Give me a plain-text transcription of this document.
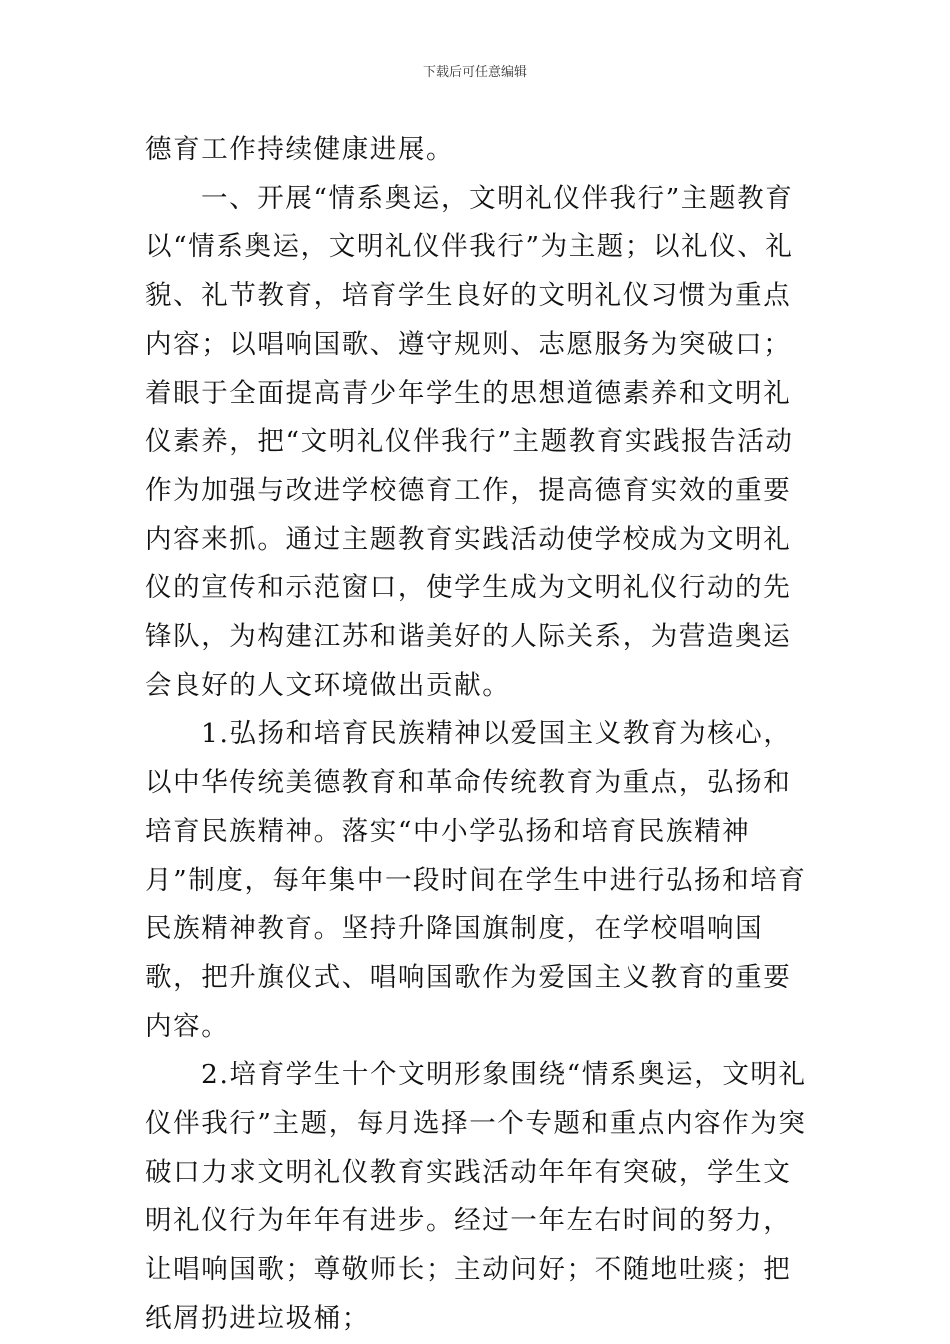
下载后可任意编辑

德育工作持续健康进展。

一、开展“情系奥运，文明礼仪伴我行”主题教育以“情系奥运，文明礼仪伴我行”为主题；以礼仪、礼貌、礼节教育，培育学生良好的文明礼仪习惯为重点内容；以唱响国歌、遵守规则、志愿服务为突破口；着眼于全面提高青少年学生的思想道德素养和文明礼仪素养，把“文明礼仪伴我行”主题教育实践报告活动作为加强与改进学校德育工作，提高德育实效的重要内容来抓。通过主题教育实践活动使学校成为文明礼仪的宣传和示范窗口，使学生成为文明礼仪行动的先锋队，为构建江苏和谐美好的人际关系，为营造奥运会良好的人文环境做出贡献。

1.弘扬和培育民族精神以爱国主义教育为核心，以中华传统美德教育和革命传统教育为重点，弘扬和培育民族精神。落实“中小学弘扬和培育民族精神月”制度，每年集中一段时间在学生中进行弘扬和培育民族精神教育。坚持升降国旗制度，在学校唱响国歌，把升旗仪式、唱响国歌作为爱国主义教育的重要内容。

2.培育学生十个文明形象围绕“情系奥运，文明礼仪伴我行”主题，每月选择一个专题和重点内容作为突破口力求文明礼仪教育实践活动年年有突破，学生文明礼仪行为年年有进步。经过一年左右时间的努力，让唱响国歌；尊敬师长；主动问好；不随地吐痰；把纸屑扔进垃圾桶；
